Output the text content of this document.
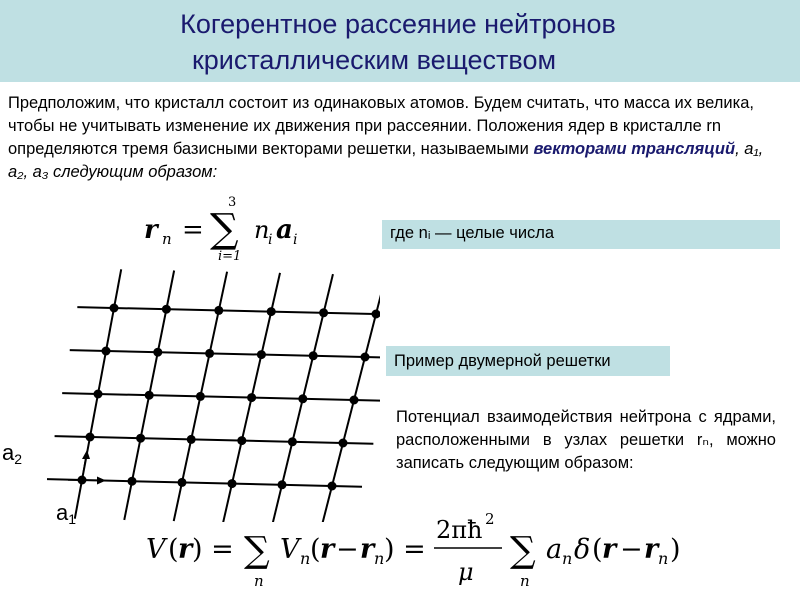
Когерентное рассеяние нейтронов
кристаллическим веществом
Предположим, что кристалл состоит из одинаковых атомов. Будем считать, что масса их велика, чтобы не учитывать изменение их движения при рассеянии. Положения ядер в кристалле rn определяются тремя базисными векторами решетки, называемыми векторами трансляций, a₁, a₂, a₃ следующим образом:
r n =
3
∑
i=1
n
i a i	где nᵢ — целые числа
Пример двумерной решетки
Потенциал взаимодействия нейтрона с ядрами, расположенными в узлах решетки rₙ, можно записать следующим образом:
$a_2$
$a_1$
V ( r ) = ∑
n
V n ( r − r n ) =
2πħ 2
μ
∑
n
a n δ ( r − r n )
